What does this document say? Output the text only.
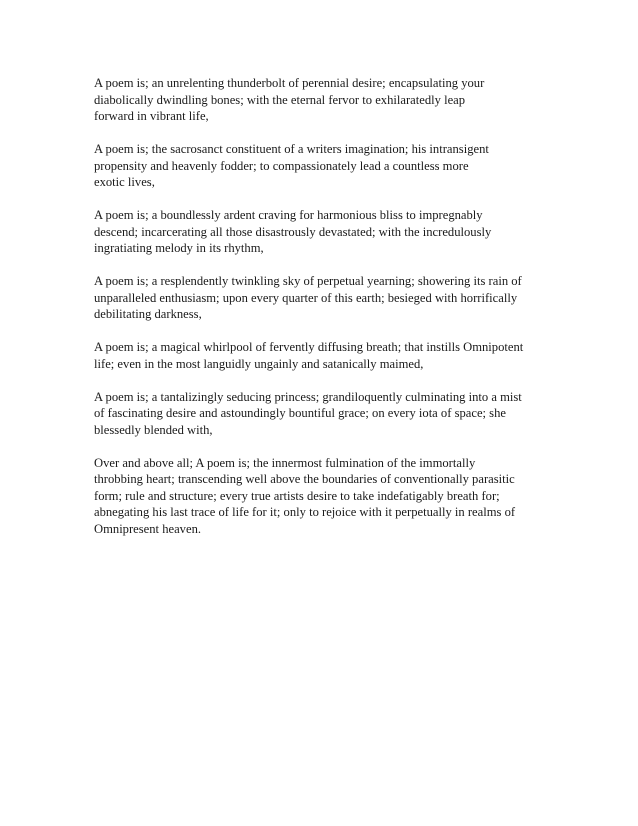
A poem is; an unrelenting thunderbolt of perennial desire; encapsulating your
diabolically dwindling bones; with the eternal fervor to exhilaratedly leap
forward in vibrant life,

A poem is; the sacrosanct constituent of a writers imagination; his intransigent
propensity and heavenly fodder; to compassionately lead a countless more
exotic lives,

A poem is; a boundlessly ardent craving for harmonious bliss to impregnably
descend; incarcerating all those disastrously devastated; with the incredulously
ingratiating melody in its rhythm,

A poem is; a resplendently twinkling sky of perpetual yearning; showering its rain of
unparalleled enthusiasm; upon every quarter of this earth; besieged with horrifically
debilitating darkness,

A poem is; a magical whirlpool of fervently diffusing breath; that instills Omnipotent
life; even in the most languidly ungainly and satanically maimed,

A poem is; a tantalizingly seducing princess; grandiloquently culminating into a mist
of fascinating desire and astoundingly bountiful grace; on every iota of space; she
blessedly blended with,

Over and above all; A poem is; the innermost fulmination of the immortally
throbbing heart; transcending well above the boundaries of conventionally parasitic
form; rule and structure; every true artists desire to take indefatigably breath for;
abnegating his last trace of life for it; only to rejoice with it perpetually in realms of
Omnipresent heaven.
